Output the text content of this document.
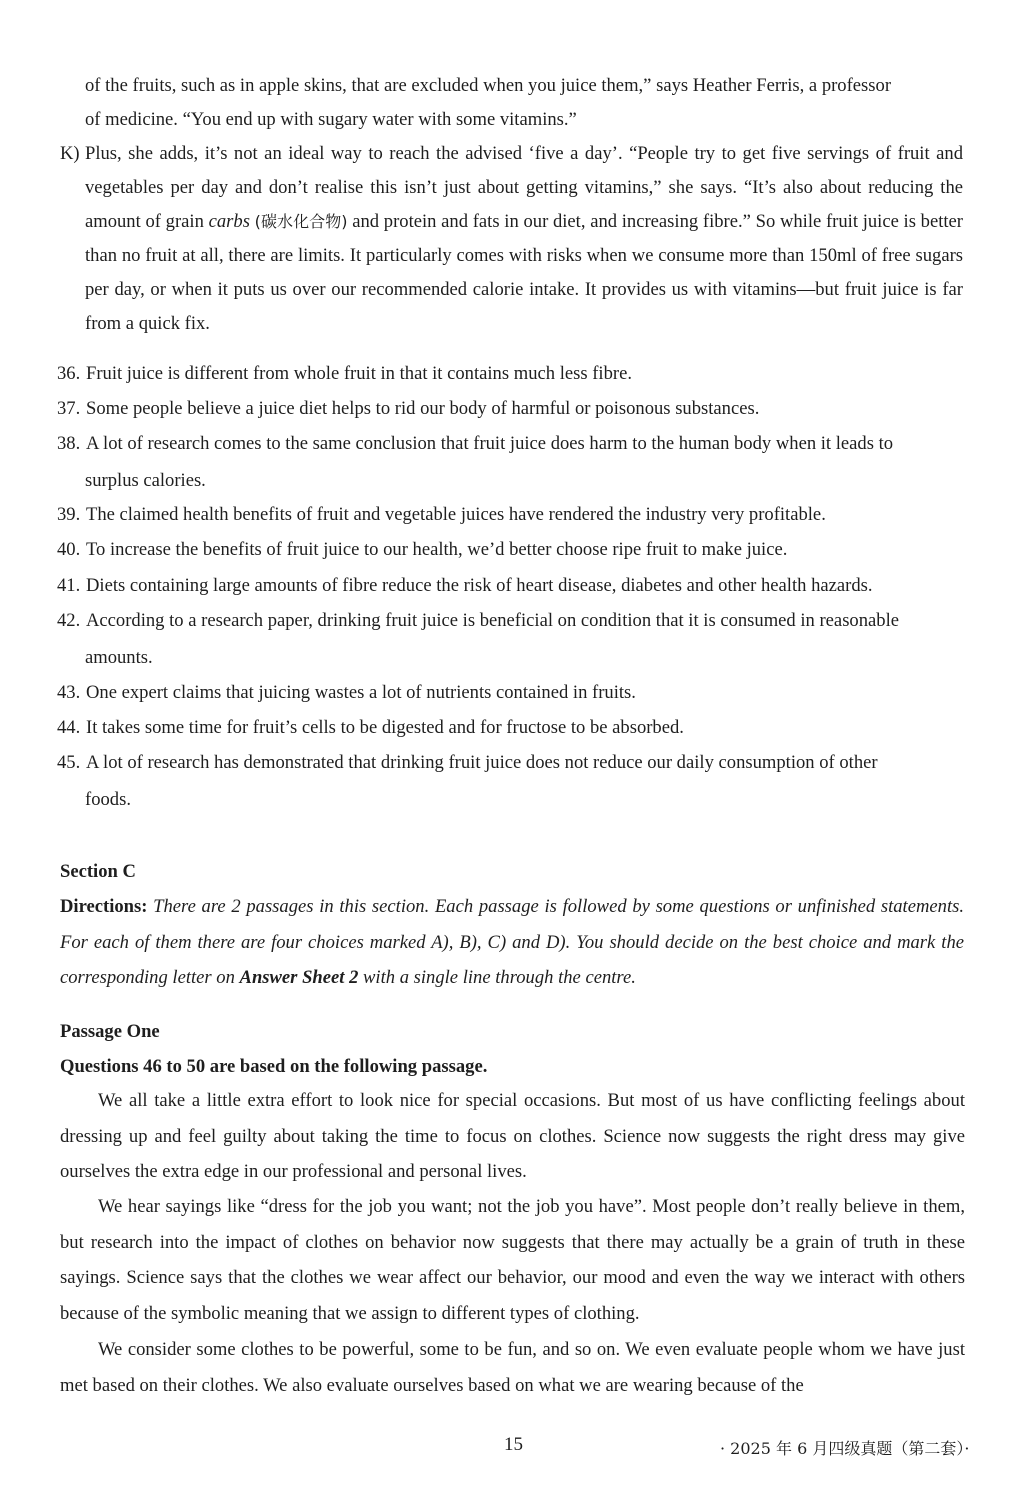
of the fruits, such as in apple skins, that are excluded when you juice them,” says Heather Ferris, a professor
of medicine. “You end up with sugary water with some vitamins.”
K) Plus, she adds, it’s not an ideal way to reach the advised ‘five a day’. “People try to get five servings of fruit and vegetables per day and don’t realise this isn’t just about getting vitamins,” she says. “It’s also about reducing the amount of grain carbs (碳水化合物) and protein and fats in our diet, and increasing fibre.” So while fruit juice is better than no fruit at all, there are limits. It particularly comes with risks when we consume more than 150ml of free sugars per day, or when it puts us over our recommended calorie intake. It provides us with vitamins—but fruit juice is far from a quick fix.
36. Fruit juice is different from whole fruit in that it contains much less fibre.
37. Some people believe a juice diet helps to rid our body of harmful or poisonous substances.
38. A lot of research comes to the same conclusion that fruit juice does harm to the human body when it leads to
surplus calories.
39. The claimed health benefits of fruit and vegetable juices have rendered the industry very profitable.
40. To increase the benefits of fruit juice to our health, we’d better choose ripe fruit to make juice.
41. Diets containing large amounts of fibre reduce the risk of heart disease, diabetes and other health hazards.
42. According to a research paper, drinking fruit juice is beneficial on condition that it is consumed in reasonable
amounts.
43. One expert claims that juicing wastes a lot of nutrients contained in fruits.
44. It takes some time for fruit’s cells to be digested and for fructose to be absorbed.
45. A lot of research has demonstrated that drinking fruit juice does not reduce our daily consumption of other
foods.
Section C
Directions: There are 2 passages in this section. Each passage is followed by some questions or unfinished statements. For each of them there are four choices marked A), B), C) and D). You should decide on the best choice and mark the corresponding letter on Answer Sheet 2 with a single line through the centre.
Passage One
Questions 46 to 50 are based on the following passage.
We all take a little extra effort to look nice for special occasions. But most of us have conflicting feelings about dressing up and feel guilty about taking the time to focus on clothes. Science now suggests the right dress may give ourselves the extra edge in our professional and personal lives.
We hear sayings like “dress for the job you want; not the job you have”. Most people don’t really believe in them, but research into the impact of clothes on behavior now suggests that there may actually be a grain of truth in these sayings. Science says that the clothes we wear affect our behavior, our mood and even the way we interact with others because of the symbolic meaning that we assign to different types of clothing.
We consider some clothes to be powerful, some to be fun, and so on. We even evaluate people whom we have just met based on their clothes. We also evaluate ourselves based on what we are wearing because of the
15	· 2025 年 6 月四级真题（第二套）·
